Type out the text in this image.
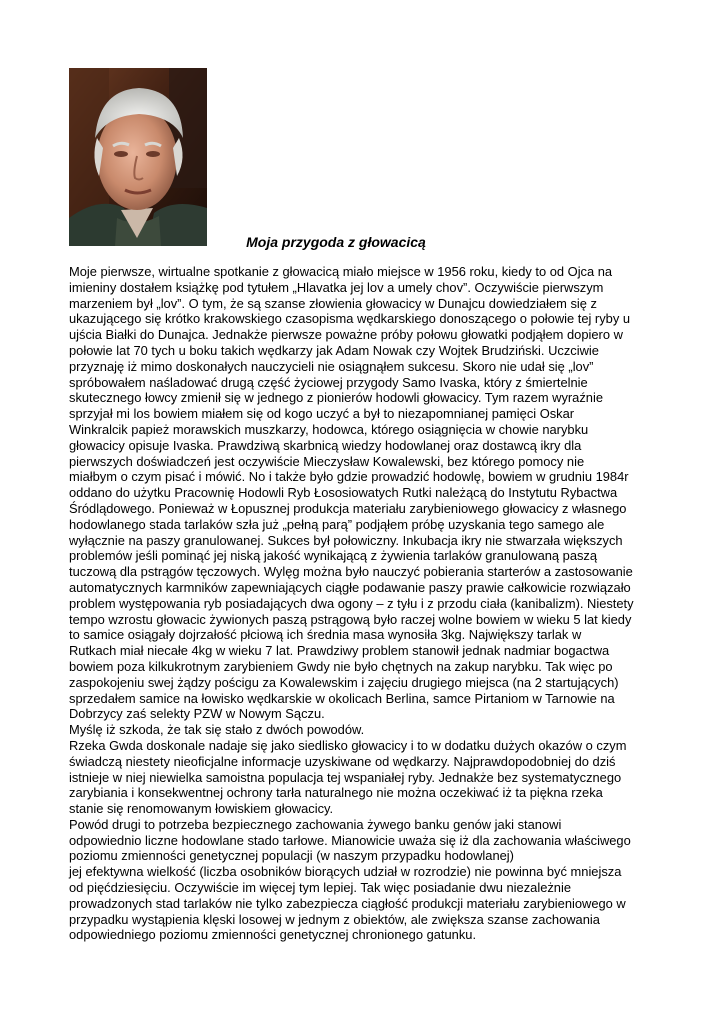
Moja przygoda z głowacicą
Moje pierwsze, wirtualne spotkanie z głowacicą miało miejsce w 1956 roku, kiedy to od Ojca na
imieniny dostałem książkę pod tytułem „Hlavatka jej lov a umely chov”. Oczywiście pierwszym
marzeniem był „lov”. O tym, że są szanse złowienia głowacicy w Dunajcu dowiedziałem się z
ukazującego się krótko krakowskiego czasopisma wędkarskiego donoszącego o połowie tej ryby u
ujścia Białki do Dunajca. Jednakże pierwsze poważne próby połowu głowatki podjąłem dopiero w
połowie lat 70 tych u boku takich wędkarzy jak Adam Nowak czy Wojtek Brudziński. Uczciwie
przyznaję iż mimo doskonałych nauczycieli nie osiągnąłem sukcesu. Skoro nie udał się „lov”
spróbowałem naśladować drugą część życiowej przygody Samo Ivaska, który z śmiertelnie
skutecznego łowcy zmienił się w jednego z pionierów hodowli głowacicy. Tym razem wyraźnie
sprzyjał mi los bowiem miałem się od kogo uczyć a był to niezapomnianej pamięci Oskar
Winkralcik papież morawskich muszkarzy, hodowca, którego osiągnięcia w chowie narybku
głowacicy opisuje Ivaska. Prawdziwą skarbnicą wiedzy hodowlanej oraz dostawcą ikry dla
pierwszych doświadczeń jest oczywiście Mieczysław Kowalewski, bez którego pomocy nie
miałbym o czym pisać i mówić. No i także było gdzie prowadzić hodowlę, bowiem w grudniu 1984r
oddano do użytku Pracownię Hodowli Ryb Łososiowatych Rutki należącą do Instytutu Rybactwa
Śródlądowego. Ponieważ w Łopusznej produkcja materiału zarybieniowego głowacicy z własnego
hodowlanego stada tarlaków szła już „pełną parą” podjąłem próbę uzyskania tego samego ale
wyłącznie na paszy granulowanej. Sukces był połowiczny. Inkubacja ikry nie stwarzała większych
problemów jeśli pominąć jej niską jakość wynikającą z żywienia tarlaków granulowaną paszą
tuczową dla pstrągów tęczowych. Wylęg można było nauczyć pobierania starterów a zastosowanie
automatycznych karmników zapewniających ciągłe podawanie paszy prawie całkowicie rozwiązało
problem występowania ryb posiadających dwa ogony – z tyłu i z przodu ciała (kanibalizm). Niestety
tempo wzrostu głowacic żywionych paszą pstrągową było raczej wolne bowiem w wieku 5 lat kiedy
to samice osiągały dojrzałość płciową ich średnia masa wynosiła 3kg. Największy tarlak w
Rutkach miał niecałe 4kg w wieku 7 lat. Prawdziwy problem stanowił jednak nadmiar bogactwa
bowiem poza kilkukrotnym zarybieniem Gwdy nie było chętnych na zakup narybku. Tak więc po
zaspokojeniu swej żądzy pościgu za Kowalewskim i zajęciu drugiego miejsca (na 2 startujących)
sprzedałem samice na łowisko wędkarskie w okolicach Berlina, samce Pirtaniom w Tarnowie na
Dobrzycy zaś selekty PZW w Nowym Sączu.
Myślę iż szkoda, że tak się stało z dwóch powodów.
Rzeka Gwda doskonale nadaje się jako siedlisko głowacicy i to w dodatku dużych okazów o czym
świadczą niestety nieoficjalne informacje uzyskiwane od wędkarzy. Najprawdopodobniej do dziś
istnieje w niej niewielka samoistna populacja tej wspaniałej ryby. Jednakże bez systematycznego
zarybiania i konsekwentnej ochrony tarła naturalnego nie można oczekiwać iż ta piękna rzeka
stanie się renomowanym łowiskiem głowacicy.
Powód drugi to potrzeba bezpiecznego zachowania żywego banku genów jaki stanowi
odpowiednio liczne hodowlane stado tarłowe. Mianowicie uważa się iż dla zachowania właściwego
poziomu zmienności genetycznej populacji (w naszym przypadku hodowlanej)
jej efektywna wielkość (liczba osobników biorących udział w rozrodzie) nie powinna być mniejsza
od pięćdziesięciu. Oczywiście im więcej tym lepiej. Tak więc posiadanie dwu niezależnie
prowadzonych stad tarlaków nie tylko zabezpiecza ciągłość produkcji materiału zarybieniowego w
przypadku wystąpienia klęski losowej w jednym z obiektów, ale zwiększa szanse zachowania
odpowiedniego poziomu zmienności genetycznej chronionego gatunku.
